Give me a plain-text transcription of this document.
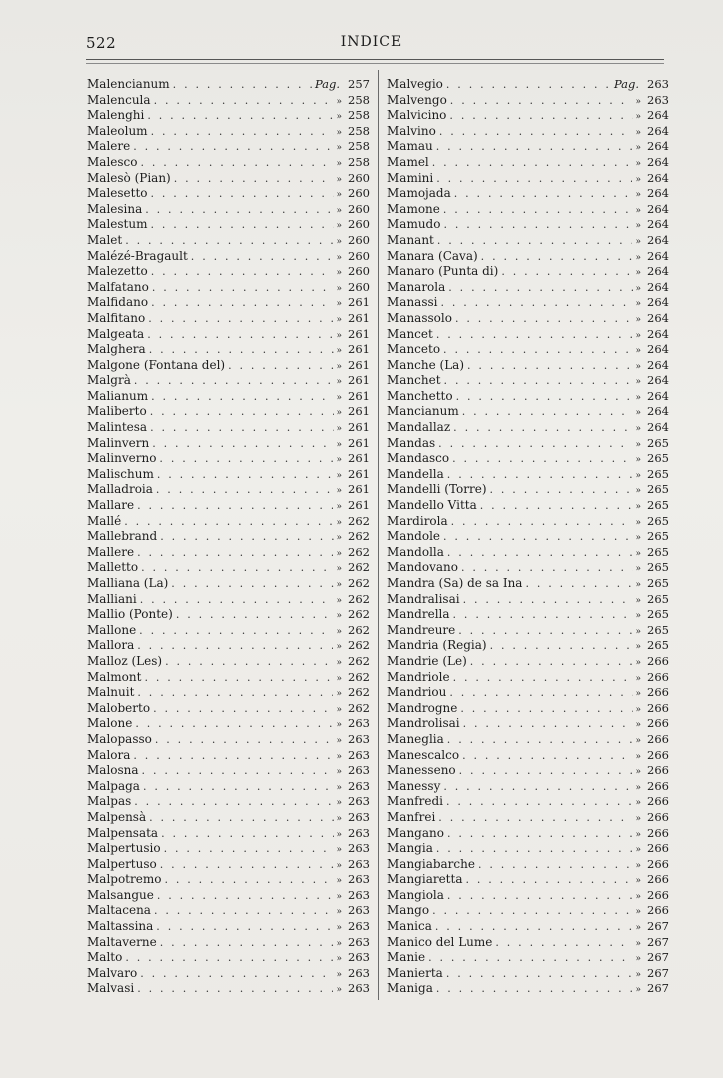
522	INDICE
Malencianum . . .	Pag. 257
Malencula . . .	» 258
Malenghi . . .	» 258
Maleolum . . .	» 258
Malere . . .	» 258
Malesco . . .	» 258
Malesò (Pian) . . .	» 260
Malesetto . . .	» 260
Malesina . . .	» 260
Malestum . . .	» 260
Malet . . .	» 260
Malézé-Bragault . . .	» 260
Malezetto . . .	» 260
Malfatano . . .	» 260
Malfidano . . .	» 261
Malfitano . . .	» 261
Malgeata . . .	» 261
Malghera . . .	» 261
Malgone (Fontana del) . . .	» 261
Malgrà . . .	» 261
Malianum . . .	» 261
Maliberto . . .	» 261
Malintesa . . .	» 261
Malinvern . . .	» 261
Malinverno . . .	» 261
Malischum . . .	» 261
Malladroia . . .	» 261
Mallare . . .	» 261
Mallé . . .	» 262
Mallebrand . . .	» 262
Mallere . . .	» 262
Malletto . . .	» 262
Malliana (La) . . .	» 262
Malliani . . .	» 262
Mallio (Ponte) . . .	» 262
Mallone . . .	» 262
Mallora . . .	» 262
Malloz (Les) . . .	» 262
Malmont . . .	» 262
Malnuit . . .	» 262
Maloberto . . .	» 262
Malone . . .	» 263
Malopasso . . .	» 263
Malora . . .	» 263
Malosna . . .	» 263
Malpaga . . .	» 263
Malpas . . .	» 263
Malpensà . . .	» 263
Malpensata . . .	» 263
Malpertusio . . .	» 263
Malpertuso . . .	» 263
Malpotremo . . .	» 263
Malsangue . . .	» 263
Maltacena . . .	» 263
Maltassina . . .	» 263
Maltaverne . . .	» 263
Malto . . .	» 263
Malvaro . . .	» 263
Malvasi . . .	» 263
Malvegio . . .	Pag. 263
Malvengo . . .	» 263
Malvicino . . .	» 264
Malvino . . .	» 264
Mamau . . .	» 264
Mamel . . .	» 264
Mamini . . .	» 264
Mamojada . . .	» 264
Mamone . . .	» 264
Mamudo . . .	» 264
Manant . . .	» 264
Manara (Cava) . . .	» 264
Manaro (Punta di) . . .	» 264
Manarola . . .	» 264
Manassi . . .	» 264
Manassolo . . .	» 264
Mancet . . .	» 264
Manceto . . .	» 264
Manche (La) . . .	» 264
Manchet . . .	» 264
Manchetto . . .	» 264
Mancianum . . .	» 264
Mandallaz . . .	» 264
Mandas . . .	» 265
Mandasco . . .	» 265
Mandella . . .	» 265
Mandelli (Torre) . . .	» 265
Mandello Vitta . . .	» 265
Mardirola . . .	» 265
Mandole . . .	» 265
Mandolla . . .	» 265
Mandovano . . .	» 265
Mandra (Sa) de sa Ina . . .	» 265
Mandralisai . . .	» 265
Mandrella . . .	» 265
Mandreure . . .	» 265
Mandria (Regia) . . .	» 265
Mandrie (Le) . . .	» 266
Mandriole . . .	» 266
Mandriou . . .	» 266
Mandrogne . . .	» 266
Mandrolisai . . .	» 266
Maneglia . . .	» 266
Manescalco . . .	» 266
Manesseno . . .	» 266
Manessy . . .	» 266
Manfredi . . .	» 266
Manfrei . . .	» 266
Mangano . . .	» 266
Mangia . . .	» 266
Mangiabarche . . .	» 266
Mangiaretta . . .	» 266
Mangiola . . .	» 266
Mango . . .	» 266
Manica . . .	» 267
Manico del Lume . . .	» 267
Manie . . .	» 267
Manierta . . .	» 267
Maniga . . .	» 267
